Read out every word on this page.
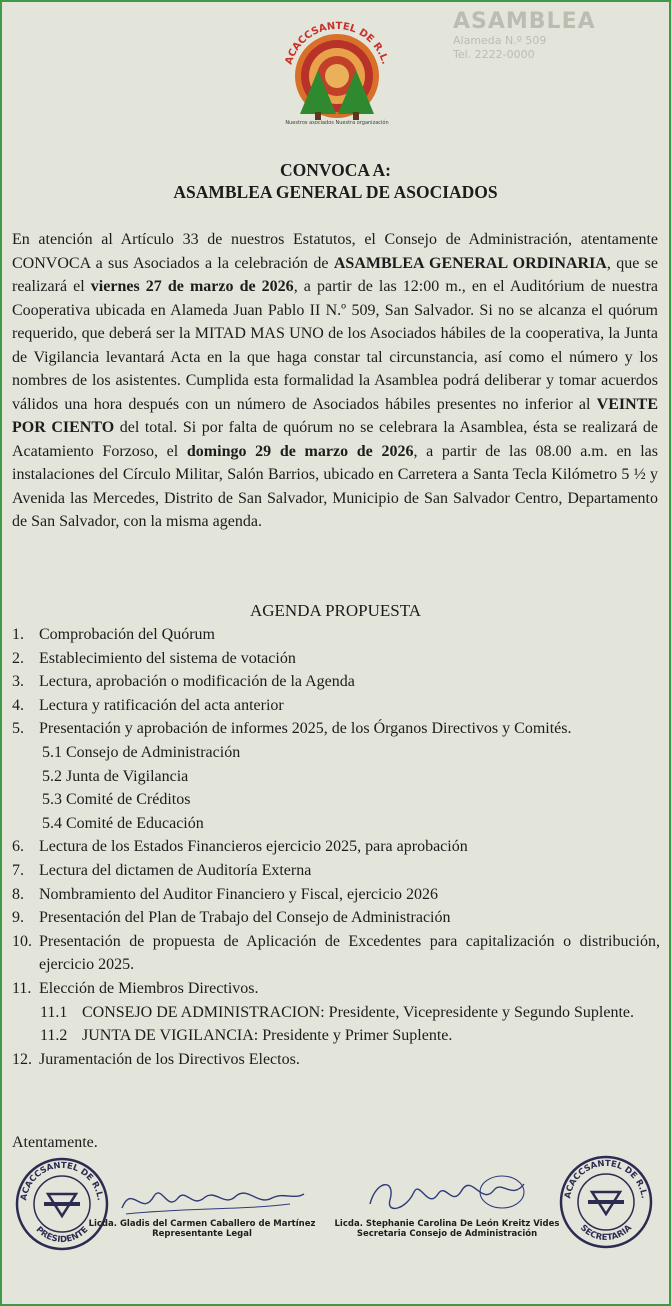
ASAMBLEA
Alameda N.º 509
Tel. 2222-0000
ACACCSANTEL DE R.L.
Nuestros asociados Nuestra organización
CONVOCA A:
ASAMBLEA GENERAL DE ASOCIADOS
En atención al Artículo 33 de nuestros Estatutos, el Consejo de Administración, atentamente CONVOCA a sus Asociados a la celebración de ASAMBLEA GENERAL ORDINARIA, que se realizará el viernes 27 de marzo de 2026, a partir de las 12:00 m., en el Auditórium de nuestra Cooperativa ubicada en Alameda Juan Pablo II N.º 509, San Salvador. Si no se alcanza el quórum requerido, que deberá ser la MITAD MAS UNO de los Asociados hábiles de la cooperativa, la Junta de Vigilancia levantará Acta en la que haga constar tal circunstancia, así como el número y los nombres de los asistentes. Cumplida esta formalidad la Asamblea podrá deliberar y tomar acuerdos válidos una hora después con un número de Asociados hábiles presentes no inferior al VEINTE POR CIENTO del total. Si por falta de quórum no se celebrara la Asamblea, ésta se realizará de Acatamiento Forzoso, el domingo 29 de marzo de 2026, a partir de las 08.00 a.m. en las instalaciones del Círculo Militar, Salón Barrios, ubicado en Carretera a Santa Tecla Kilómetro 5 ½ y Avenida las Mercedes, Distrito de San Salvador, Municipio de San Salvador Centro, Departamento de San Salvador, con la misma agenda.
AGENDA PROPUESTA
1. Comprobación del Quórum
2. Establecimiento del sistema de votación
3. Lectura, aprobación o modificación de la Agenda
4. Lectura y ratificación del acta anterior
5. Presentación y aprobación de informes 2025, de los Órganos Directivos y Comités.
5.1 Consejo de Administración
5.2 Junta de Vigilancia
5.3 Comité de Créditos
5.4 Comité de Educación
6. Lectura de los Estados Financieros ejercicio 2025, para aprobación
7. Lectura del dictamen de Auditoría Externa
8. Nombramiento del Auditor Financiero y Fiscal, ejercicio 2026
9. Presentación del Plan de Trabajo del Consejo de Administración
10. Presentación de propuesta de Aplicación de Excedentes para capitalización o distribución, ejercicio 2025.
11. Elección de Miembros Directivos.
11.1 CONSEJO DE ADMINISTRACION: Presidente, Vicepresidente y Segundo Suplente.
11.2 JUNTA DE VIGILANCIA: Presidente y Primer Suplente.
12. Juramentación de los Directivos Electos.
Atentamente.
ACACCSANTEL DE R.L.
PRESIDENTE
Licda. Gladis del Carmen Caballero de Martínez
Representante Legal
Licda. Stephanie Carolina De León Kreitz Vides
Secretaria Consejo de Administración
ACACCSANTEL DE R.L.
SECRETARIA
